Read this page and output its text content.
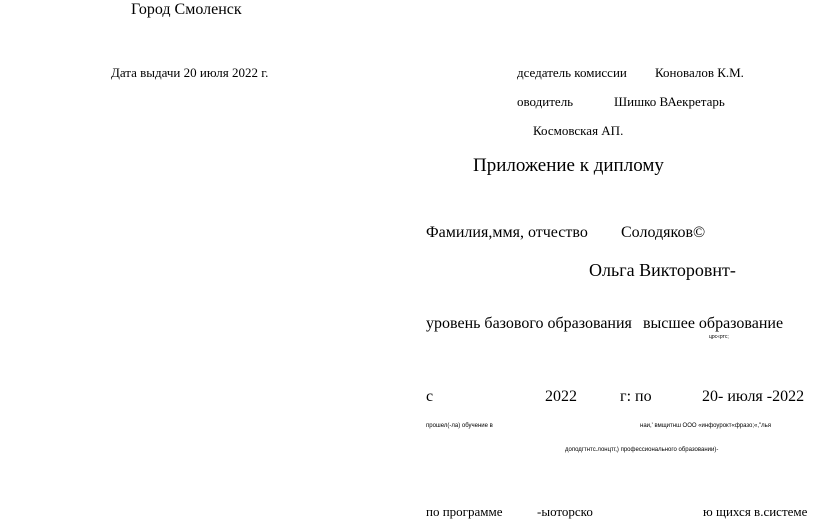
Город Смоленск
Дата выдачи 20 июля 2022 г.	дседатель комиссии Коновалов К.М.
оводитель	Шишко ВАекретарь
Космовская АП.
Приложение к диплому
Фамилия,ммя, отчество Солодяков©
Ольга Викторовнт-
уровень базового образования высшее образование
црс«ртс;
с	2022	г: по	20- июля -2022
прошел(-ла) обучение в	наи,' вмщитнш ООО «инфоурокт«фразо;«,"лья
доподгтнтс.лонцтг,) профессионального образовании)-
по программе	-ыоторско	ю щихся в.системе
